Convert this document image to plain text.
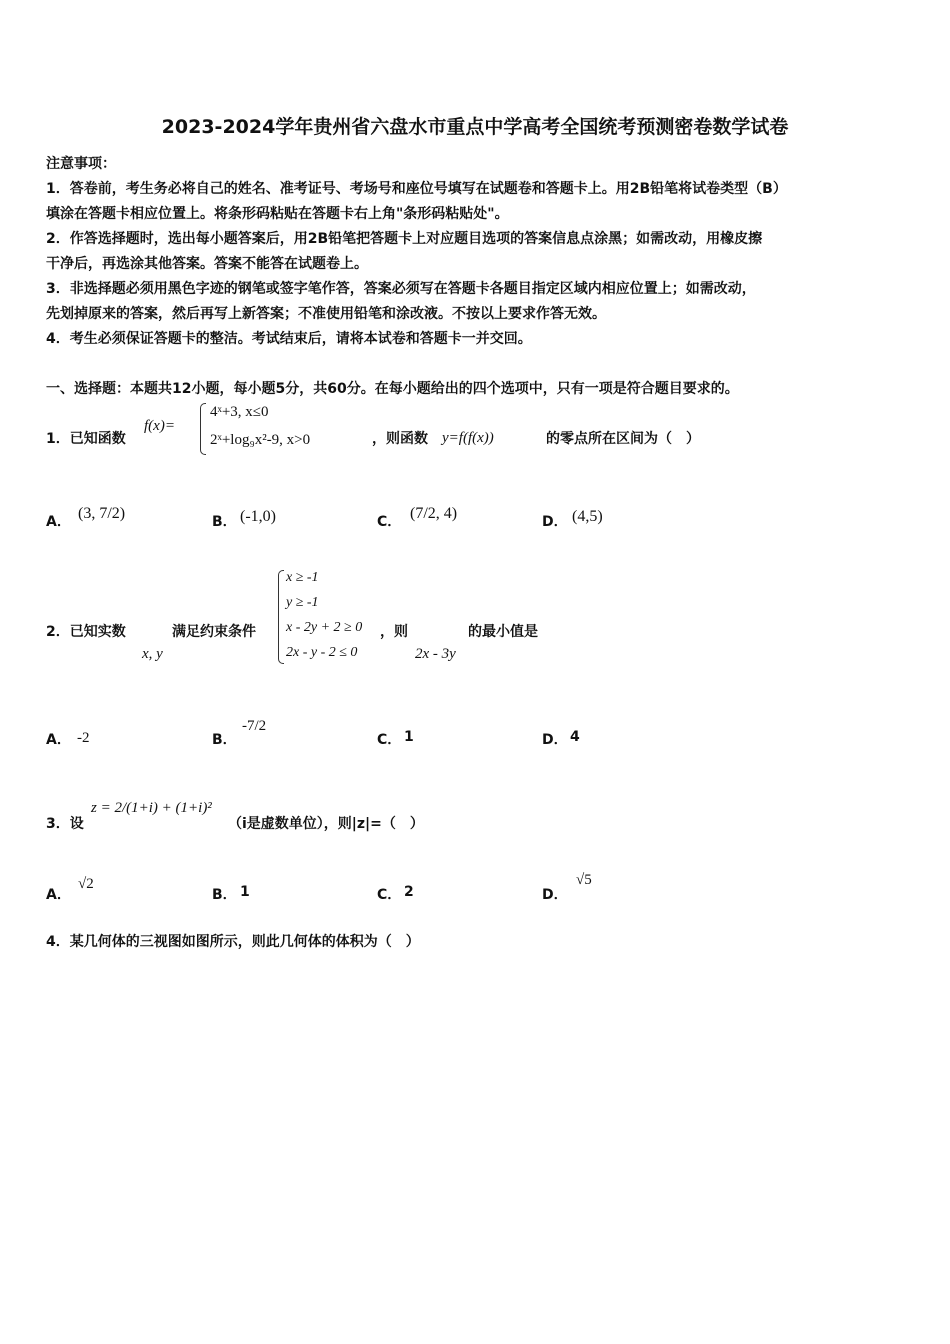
2023-2024学年贵州省六盘水市重点中学高考全国统考预测密卷数学试卷
注意事项：
1．答卷前，考生务必将自己的姓名、准考证号、考场号和座位号填写在试题卷和答题卡上。用2B铅笔将试卷类型（B）
填涂在答题卡相应位置上。将条形码粘贴在答题卡右上角"条形码粘贴处"。
2．作答选择题时，选出每小题答案后，用2B铅笔把答题卡上对应题目选项的答案信息点涂黑；如需改动，用橡皮擦
干净后，再选涂其他答案。答案不能答在试题卷上。
3．非选择题必须用黑色字迹的钢笔或签字笔作答，答案必须写在答题卡各题目指定区域内相应位置上；如需改动，
先划掉原来的答案，然后再写上新答案；不准使用铅笔和涂改液。不按以上要求作答无效。
4．考生必须保证答题卡的整洁。考试结束后，请将本试卷和答题卡一并交回。
一、选择题：本题共12小题，每小题5分，共60分。在每小题给出的四个选项中，只有一项是符合题目要求的。
1．已知函数
f(x)=
4ˣ+3, x≤0
2ˣ+log₉x²-9, x>0	，则函数 y=f(f(x))	的零点所在区间为（　）
A． (3, 7/2)	B． (-1,0)	C． (7/2, 4)	D． (4,5)
2．已知实数
x, y
满足约束条件
x ≥ -1
y ≥ -1
x - 2y + 2 ≥ 0
2x - y - 2 ≤ 0
，则
2x - 3y
的最小值是
A． -2	B．
-7/2
C． 1	D． 4
3．设
z = 2/(1+i) + (1+i)²
（i是虚数单位），则|z|=（　）
A．
√2
B． 1	C． 2	D．
√5
4．某几何体的三视图如图所示，则此几何体的体积为（　）
